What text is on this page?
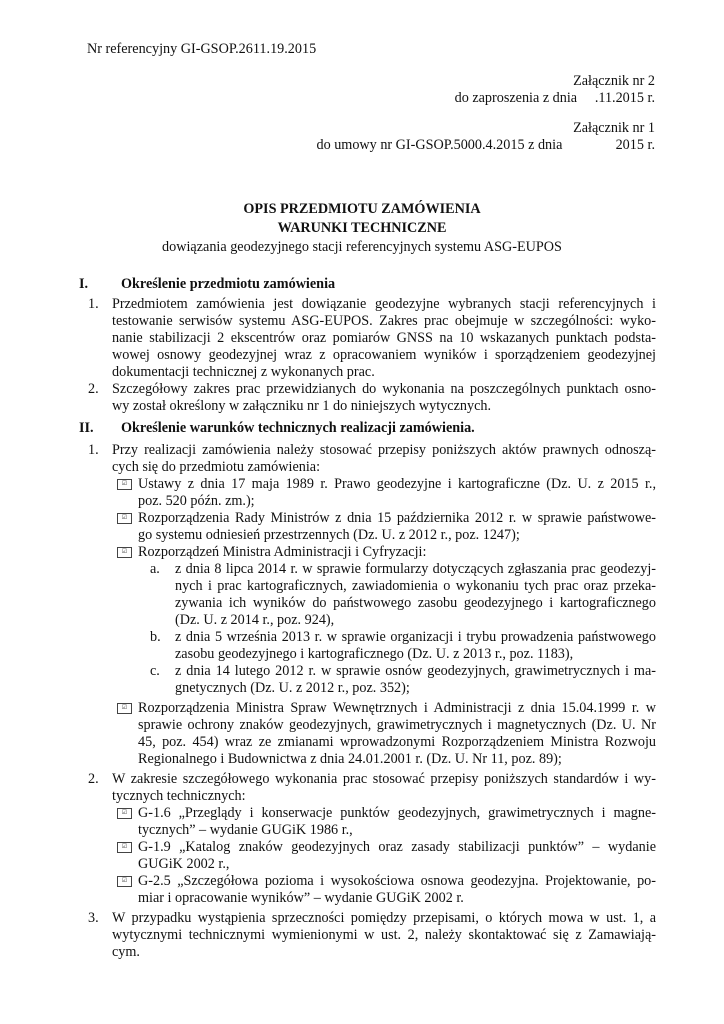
Nr referencyjny GI-GSOP.2611.19.2015
Załącznik nr 2
do zaproszenia z dnia     .11.2015 r.
Załącznik nr 1
do umowy nr GI-GSOP.5000.4.2015 z dnia               2015 r.
OPIS PRZEDMIOTU ZAMÓWIENIA
WARUNKI TECHNICZNE
dowiązania geodezyjnego stacji referencyjnych systemu ASG-EUPOS
I. Określenie przedmiotu zamówienia
1. Przedmiotem zamówienia jest dowiązanie geodezyjne wybranych stacji referencyjnych i
testowanie serwisów systemu ASG-EUPOS. Zakres prac obejmuje w szczególności: wyko-
nanie stabilizacji 2 ekscentrów oraz pomiarów GNSS na 10 wskazanych punktach podsta-
wowej osnowy geodezyjnej wraz z opracowaniem wyników i sporządzeniem geodezyjnej
dokumentacji technicznej z wykonanych prac.
2. Szczegółowy zakres prac przewidzianych do wykonania na poszczególnych punktach osno-
wy został określony w załączniku nr 1 do niniejszych wytycznych.
II. Określenie warunków technicznych realizacji zamówienia.
1. Przy realizacji zamówienia należy stosować przepisy poniższych aktów prawnych odnoszą-
cych się do przedmiotu zamówienia:
☑
Ustawy z dnia 17 maja 1989 r. Prawo geodezyjne i kartograficzne (Dz. U. z 2015 r.,
poz. 520 późn. zm.);
☑
Rozporządzenia Rady Ministrów z dnia 15 października 2012 r. w sprawie państwowe-
go systemu odniesień przestrzennych (Dz. U. z 2012 r., poz. 1247);
☑
Rozporządzeń Ministra Administracji i Cyfryzacji:
a. z dnia 8 lipca 2014 r. w sprawie formularzy dotyczących zgłaszania prac geodezyj-
nych i prac kartograficznych, zawiadomienia o wykonaniu tych prac oraz przeka-
zywania ich wyników do państwowego zasobu geodezyjnego i kartograficznego
(Dz. U. z 2014 r., poz. 924),
b. z dnia 5 września 2013 r. w sprawie organizacji i trybu prowadzenia państwowego
zasobu geodezyjnego i kartograficznego (Dz. U. z 2013 r., poz. 1183),
c. z dnia 14 lutego 2012 r. w sprawie osnów geodezyjnych, grawimetrycznych i ma-
gnetycznych (Dz. U. z 2012 r., poz. 352);
☑
Rozporządzenia Ministra Spraw Wewnętrznych i Administracji z dnia 15.04.1999 r. w
sprawie ochrony znaków geodezyjnych, grawimetrycznych i magnetycznych (Dz. U. Nr
45, poz. 454) wraz ze zmianami wprowadzonymi Rozporządzeniem Ministra Rozwoju
Regionalnego i Budownictwa z dnia 24.01.2001 r. (Dz. U. Nr 11, poz. 89);
2. W zakresie szczegółowego wykonania prac stosować przepisy poniższych standardów i wy-
tycznych technicznych:
☑
G-1.6 „Przeglądy i konserwacje punktów geodezyjnych, grawimetrycznych i magne-
tycznych” – wydanie GUGiK 1986 r.,
☑
G-1.9 „Katalog znaków geodezyjnych oraz zasady stabilizacji punktów” – wydanie
GUGiK 2002 r.,
☑
G-2.5 „Szczegółowa pozioma i wysokościowa osnowa geodezyjna. Projektowanie, po-
miar i opracowanie wyników” – wydanie GUGiK 2002 r.
3. W przypadku wystąpienia sprzeczności pomiędzy przepisami, o których mowa w ust. 1, a
wytycznymi technicznymi wymienionymi w ust. 2, należy skontaktować się z Zamawiają-
cym.
